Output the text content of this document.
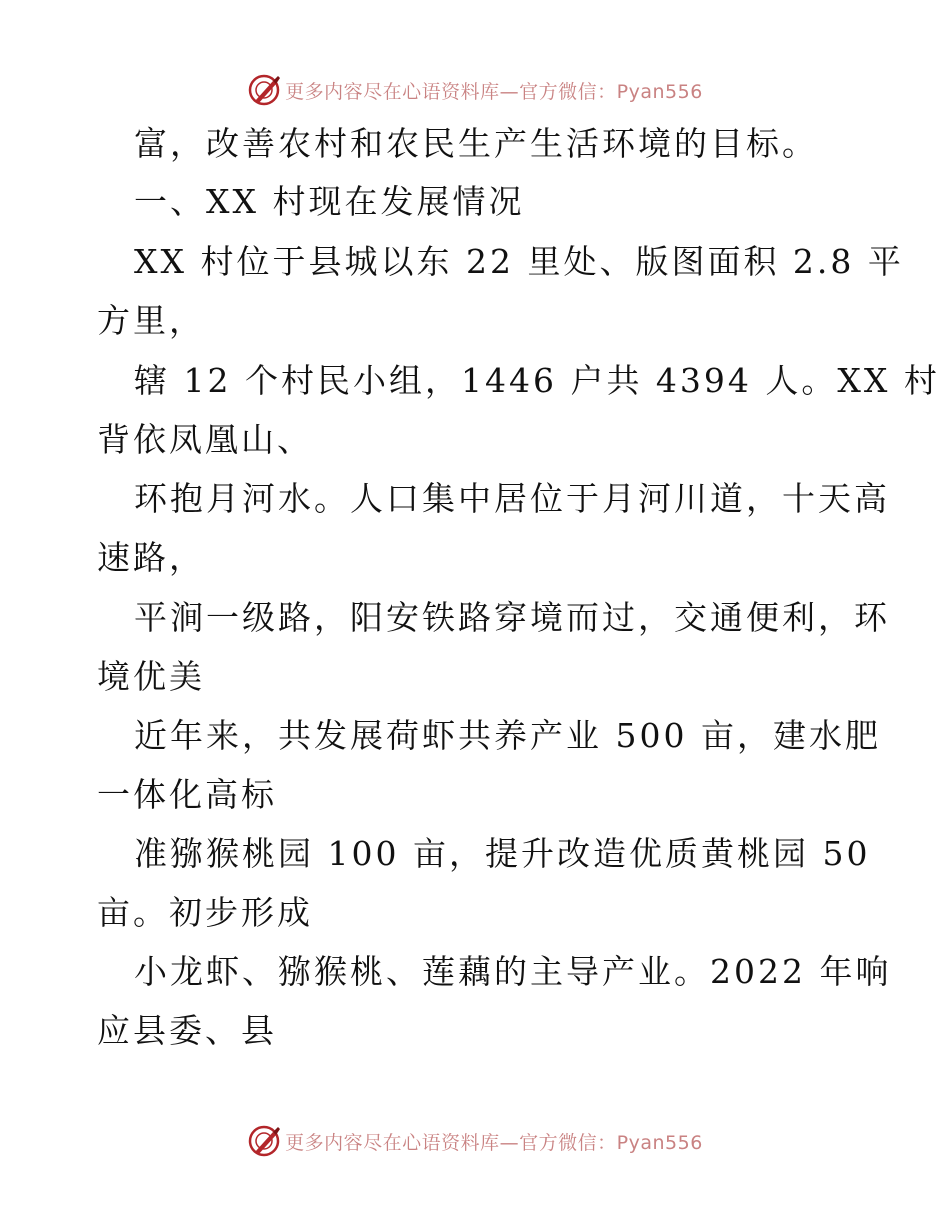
更多内容尽在心语资料库—官方微信：Pyan556
富，改善农村和农民生产生活环境的目标。
一、XX 村现在发展情况
XX 村位于县城以东 22 里处、版图面积 2.8 平
方里，
辖 12 个村民小组，1446 户共 4394 人。XX 村
背依凤凰山、
环抱月河水。人口集中居位于月河川道，十天高
速路，
平涧一级路，阳安铁路穿境而过，交通便利，环
境优美
近年来，共发展荷虾共养产业 500 亩，建水肥
一体化高标
准猕猴桃园 100 亩，提升改造优质黄桃园 50
亩。初步形成
小龙虾、猕猴桃、莲藕的主导产业。2022 年响
应县委、县
更多内容尽在心语资料库—官方微信：Pyan556
